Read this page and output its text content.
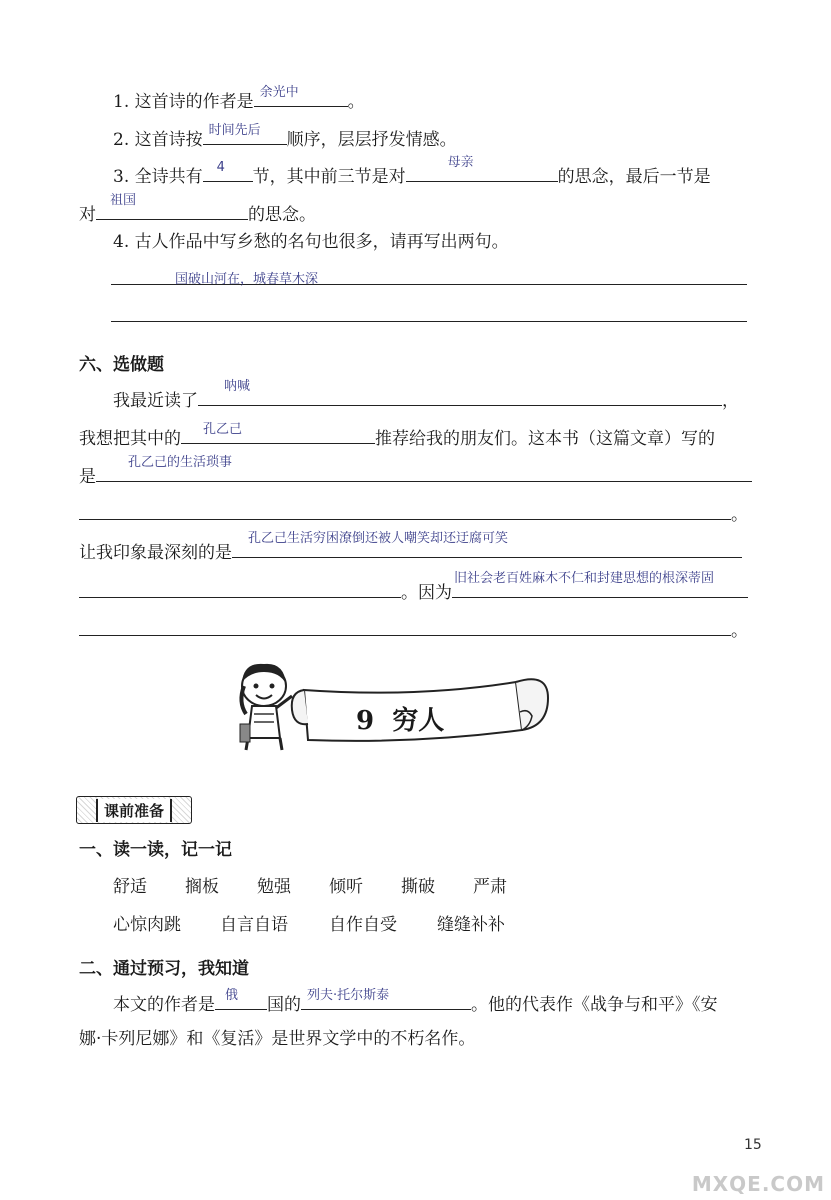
1. 这首诗的作者是 余光中	。
2. 这首诗按 时间先后 顺序，层层抒发情感。
3. 全诗共有 4 节，其中前三节是对
母亲
的思念，最后一节是
对
祖国
的思念。
4. 古人作品中写乡愁的名句也很多，请再写出两句。
国破山河在，城春草木深
六、选做题
我最近读了
呐喊
，
我想把其中的 孔乙己	推荐给我的朋友们。这本书（这篇文章）写的
是
孔乙己的生活琐事
。
让我印象最深刻的是
孔乙己生活穷困潦倒还被人嘲笑却还迂腐可笑
。因为
旧社会老百姓麻木不仁和封建思想的根深蒂固
。
9 穷人
课前准备
一、读一读，记一记
舒适 搁板 勉强 倾听 撕破 严肃
心惊肉跳 自言自语 自作自受 缝缝补补
二、通过预习，我知道
本文的作者是 俄 国的 列夫·托尔斯泰	。他的代表作《战争与和平》《安
娜·卡列尼娜》和《复活》是世界文学中的不朽名作。
15
MXQE.COM
